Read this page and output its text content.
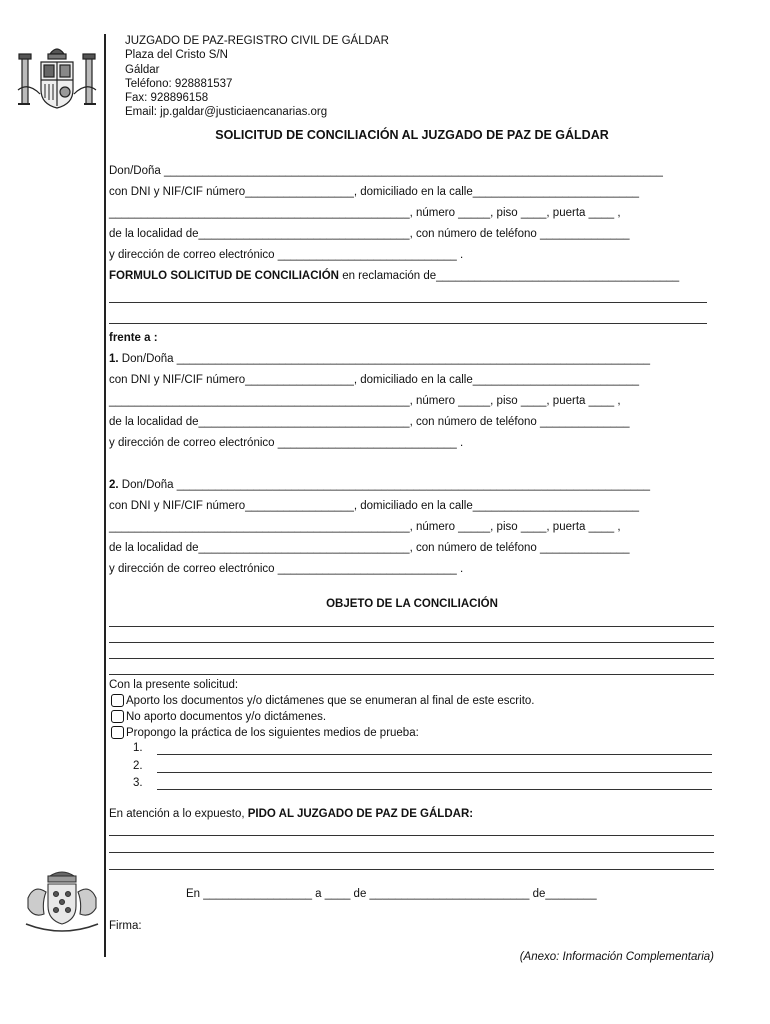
JUZGADO DE PAZ-REGISTRO CIVIL DE GÁLDAR
Plaza del Cristo S/N
Gáldar
Teléfono: 928881537
Fax: 928896158
Email: jp.galdar@justiciaencanarias.org
SOLICITUD DE CONCILIACIÓN AL JUZGADO DE PAZ DE GÁLDAR
Don/Doña ______________________________________________________________________________
con DNI y NIF/CIF número_________________, domiciliado en la calle__________________________
_______________________________________________, número _____, piso ____, puerta ____ ,
de la localidad de_________________________________, con número de teléfono ______________
y dirección de correo electrónico ____________________________ .
FORMULO SOLICITUD DE CONCILIACIÓN en reclamación de______________________________________
frente a :
1. Don/Doña __________________________________________________________________________
con DNI y NIF/CIF número_________________, domiciliado en la calle__________________________
_______________________________________________, número _____, piso ____, puerta ____ ,
de la localidad de_________________________________, con número de teléfono ______________
y dirección de correo electrónico ____________________________ .
2. Don/Doña __________________________________________________________________________
con DNI y NIF/CIF número_________________, domiciliado en la calle__________________________
_______________________________________________, número _____, piso ____, puerta ____ ,
de la localidad de_________________________________, con número de teléfono ______________
y dirección de correo electrónico ____________________________ .
OBJETO DE LA CONCILIACIÓN
Con la presente solicitud:
Aporto los documentos y/o dictámenes que se enumeran al final de este escrito.
No aporto documentos y/o dictámenes.
Propongo la práctica de los siguientes medios de prueba:
1.
2.
3.
En atención a lo expuesto, PIDO AL JUZGADO DE PAZ DE GÁLDAR:
En _________________ a ____ de _________________________ de________
Firma:
(Anexo: Información Complementaria)
